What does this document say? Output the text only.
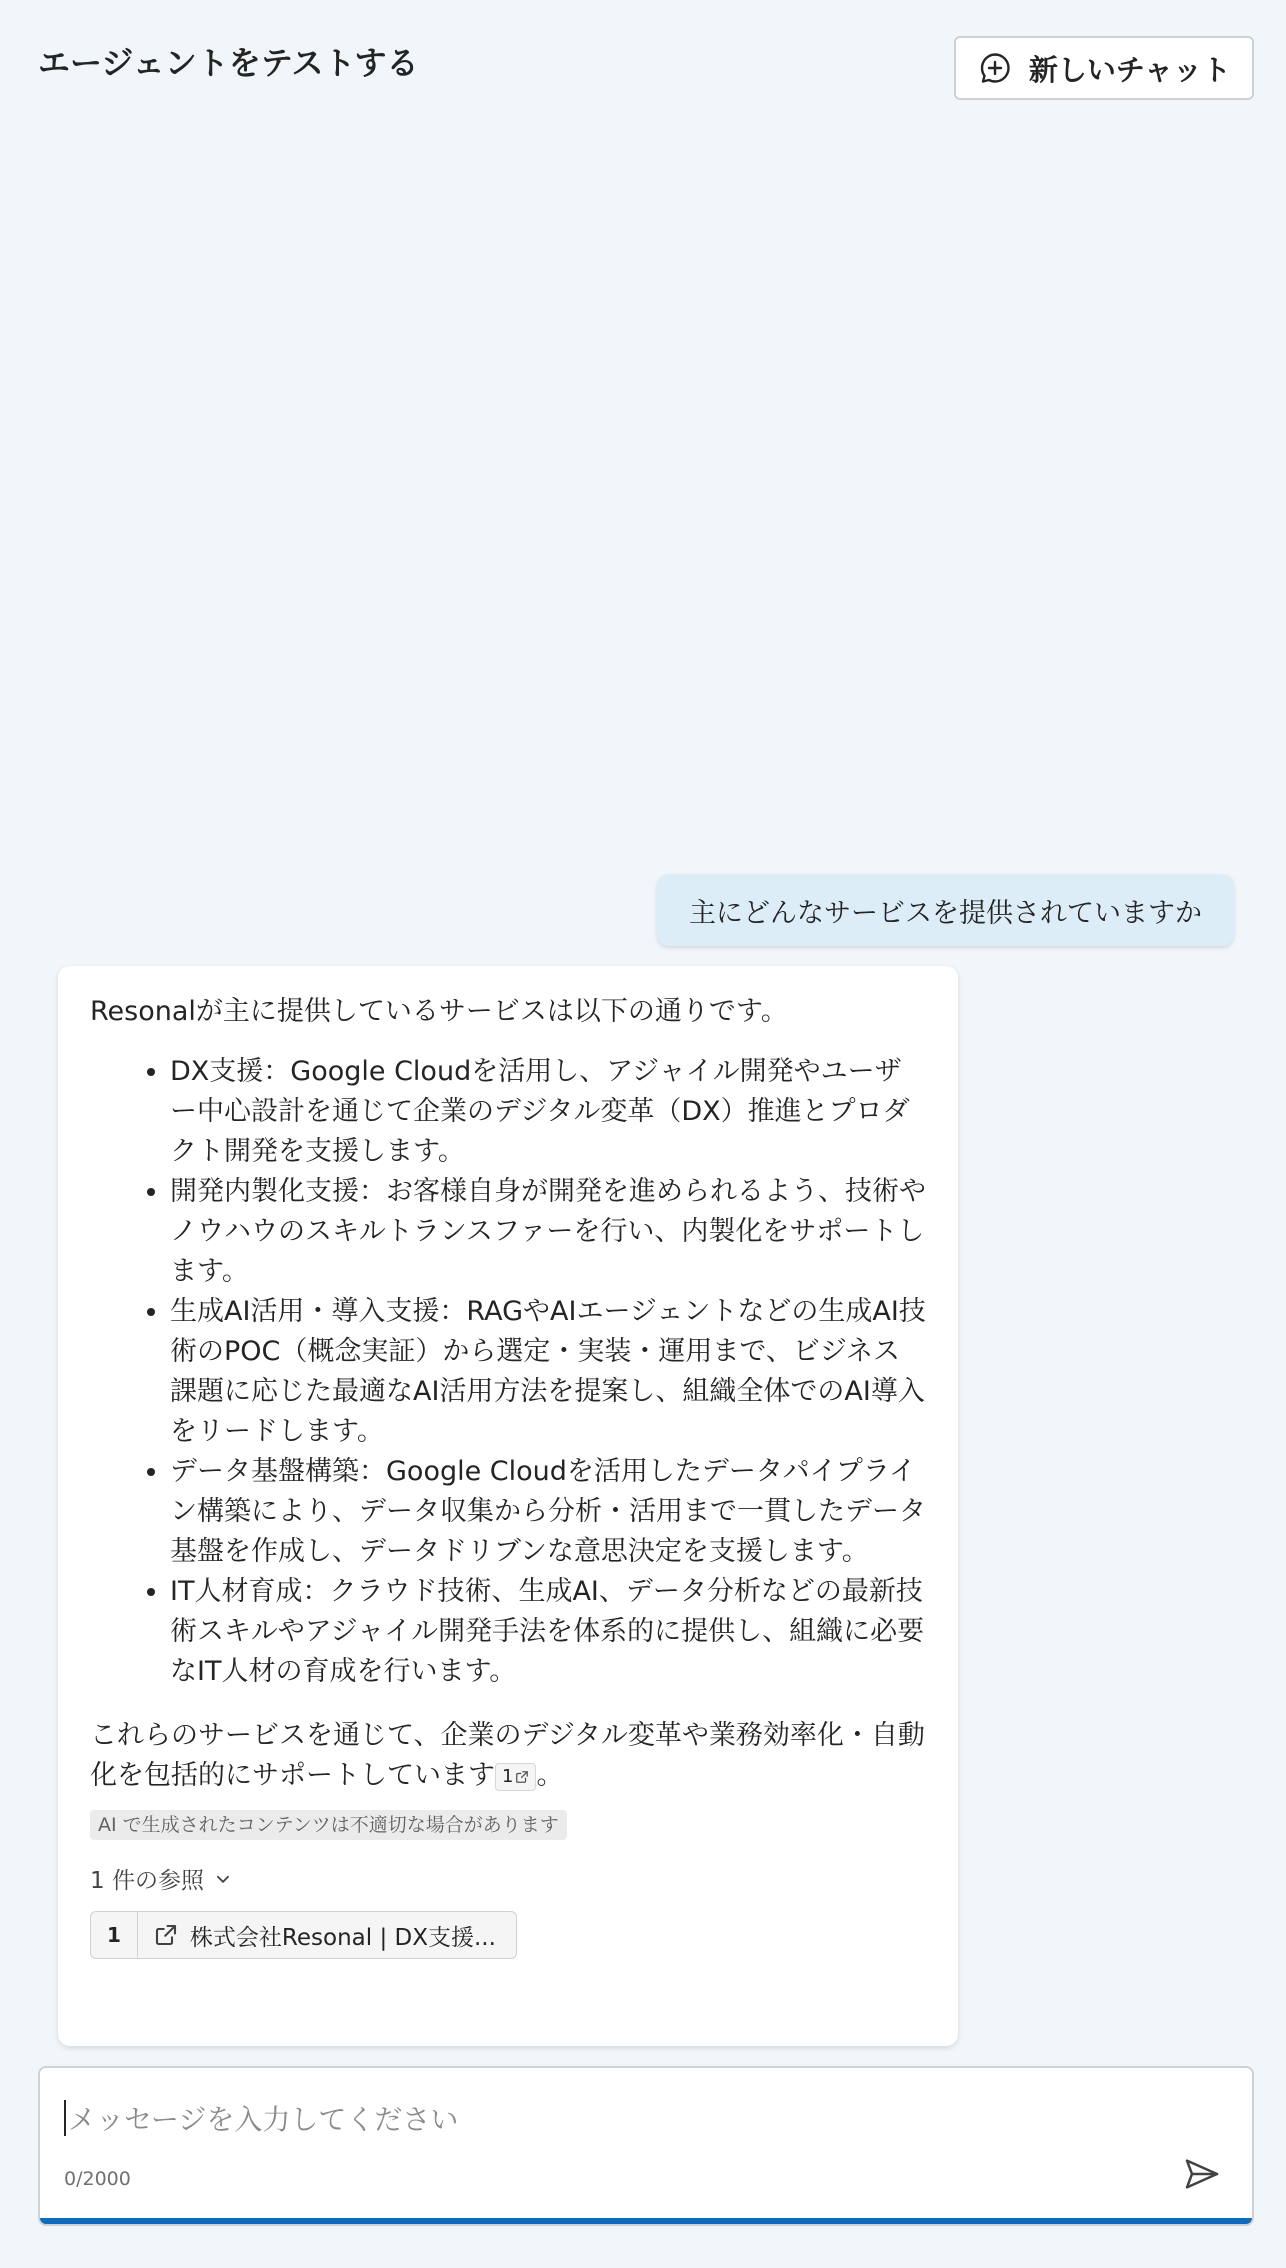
エージェントをテストする	新しいチャット
主にどんなサービスを提供されていますか

Resonalが主に提供しているサービスは以下の通りです。

• DX支援：Google Cloudを活用し、アジャイル開発やユーザー中心設計を通じて企業のデジタル変革（DX）推進とプロダクト開発を支援します。
• 開発内製化支援：お客様自身が開発を進められるよう、技術やノウハウのスキルトランスファーを行い、内製化をサポートします。
• 生成AI活用・導入支援：RAGやAIエージェントなどの生成AI技術のPOC（概念実証）から選定・実装・運用まで、ビジネス課題に応じた最適なAI活用方法を提案し、組織全体でのAI導入をリードします。
• データ基盤構築：Google Cloudを活用したデータパイプライン構築により、データ収集から分析・活用まで一貫したデータ基盤を作成し、データドリブンな意思決定を支援します。
• IT人材育成：クラウド技術、生成AI、データ分析などの最新技術スキルやアジャイル開発手法を体系的に提供し、組織に必要なIT人材の育成を行います。

これらのサービスを通じて、企業のデジタル変革や業務効率化・自動化を包括的にサポートしています 1 。

AI で生成されたコンテンツは不適切な場合があります
1 件の参照
1	株式会社Resonal | DX支援...
メッセージを入力してください
0/2000
